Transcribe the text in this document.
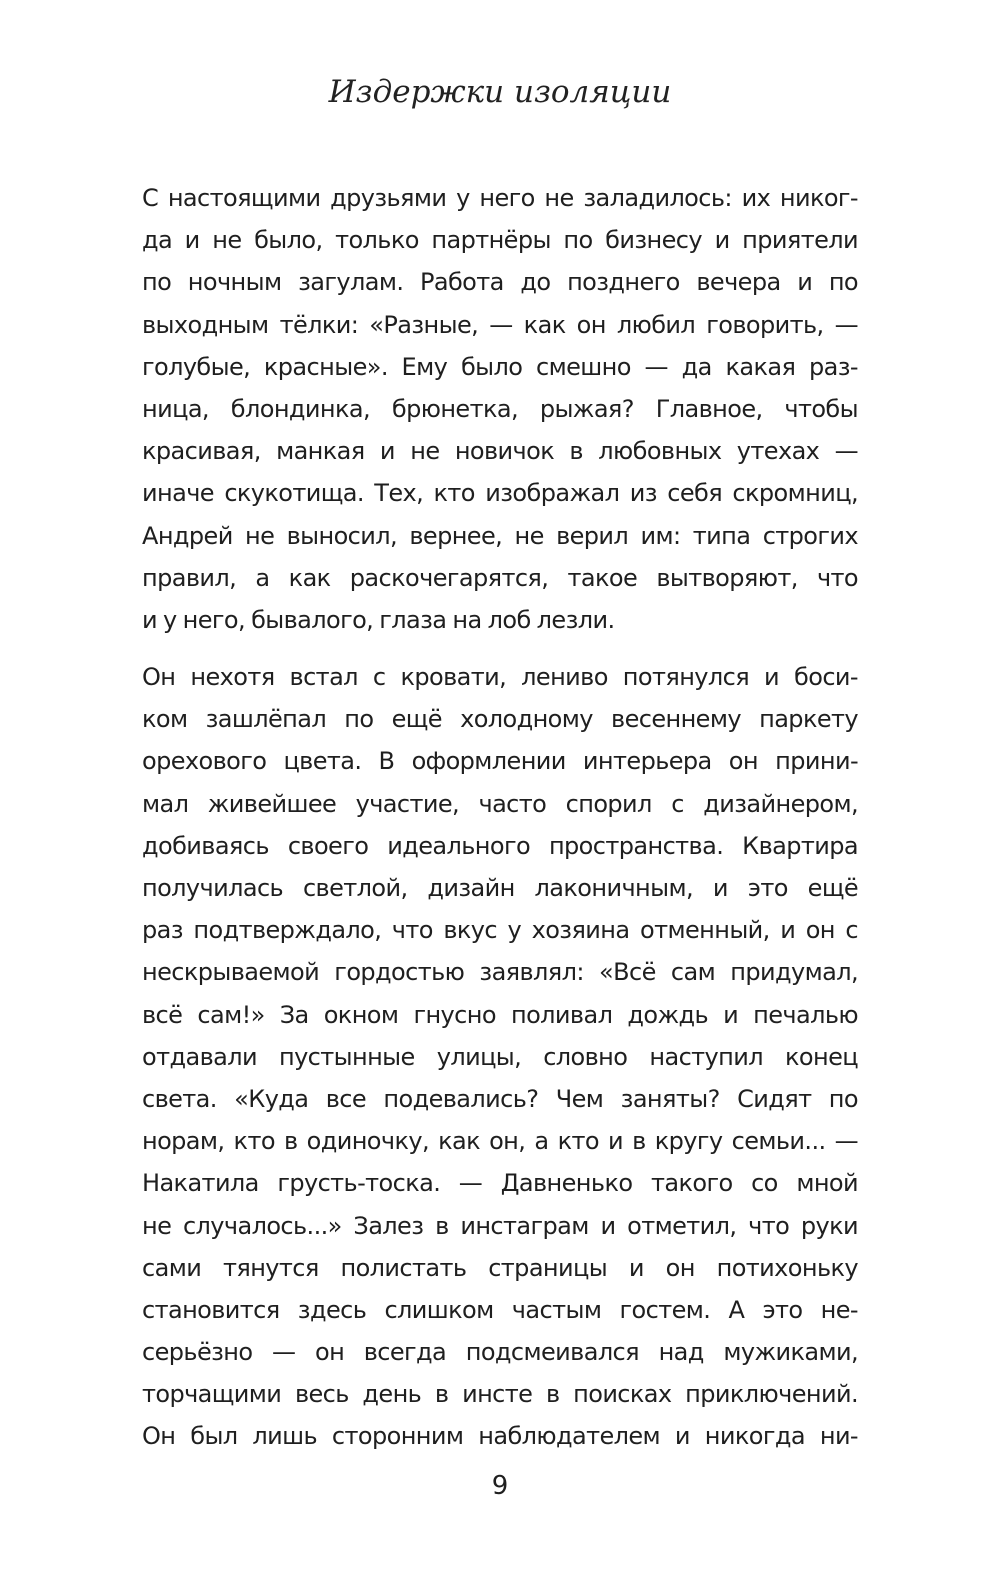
Издержки изоляции

С настоящими друзьями у него не заладилось: их никог-
да и не было, только партнёры по бизнесу и приятели
по ночным загулам. Работа до позднего вечера и по
выходным тёлки: «Разные, — как он любил говорить, —
голубые, красные». Ему было смешно — да какая раз-
ница, блондинка, брюнетка, рыжая? Главное, чтобы
красивая, манкая и не новичок в любовных утехах —
иначе скукотища. Тех, кто изображал из себя скромниц,
Андрей не выносил, вернее, не верил им: типа строгих
правил, а как раскочегарятся, такое вытворяют, что
и у него, бывалого, глаза на лоб лезли.

Он нехотя встал с кровати, лениво потянулся и боси-
ком зашлёпал по ещё холодному весеннему паркету
орехового цвета. В оформлении интерьера он прини-
мал живейшее участие, часто спорил с дизайнером,
добиваясь своего идеального пространства. Квартира
получилась светлой, дизайн лаконичным, и это ещё
раз подтверждало, что вкус у хозяина отменный, и он с
нескрываемой гордостью заявлял: «Всё сам придумал,
всё сам!» За окном гнусно поливал дождь и печалью
отдавали пустынные улицы, словно наступил конец
света. «Куда все подевались? Чем заняты? Сидят по
норам, кто в одиночку, как он, а кто и в кругу семьи... —
Накатила грусть-тоска. — Давненько такого со мной
не случалось...» Залез в инстаграм и отметил, что руки
сами тянутся полистать страницы и он потихоньку
становится здесь слишком частым гостем. А это не-
серьёзно — он всегда подсмеивался над мужиками,
торчащими весь день в инсте в поисках приключений.
Он был лишь сторонним наблюдателем и никогда ни-

9
